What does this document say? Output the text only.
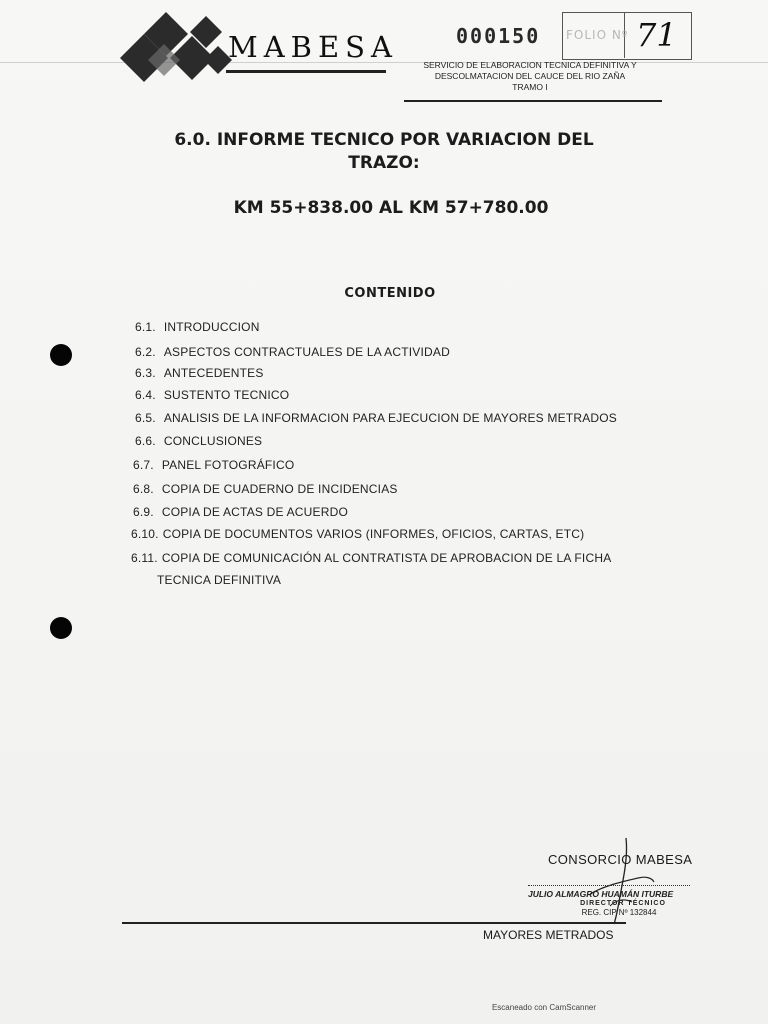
MABESA	000150 FOLIO Nº 71
SERVICIO DE ELABORACION TECNICA DEFINITIVA Y
DESCOLMATACION DEL CAUCE DEL RIO ZAÑA
TRAMO I
6.0. INFORME TECNICO POR VARIACION DEL
TRAZO:
KM 55+838.00 AL KM 57+780.00
CONTENIDO
6.1. INTRODUCCION
6.2. ASPECTOS CONTRACTUALES DE LA ACTIVIDAD
6.3. ANTECEDENTES
6.4. SUSTENTO TECNICO
6.5. ANALISIS DE LA INFORMACION PARA EJECUCION DE MAYORES METRADOS
6.6. CONCLUSIONES
6.7. PANEL FOTOGRÁFICO
6.8. COPIA DE CUADERNO DE INCIDENCIAS
6.9. COPIA DE ACTAS DE ACUERDO
6.10. COPIA DE DOCUMENTOS VARIOS (INFORMES, OFICIOS, CARTAS, ETC)
6.11. COPIA DE COMUNICACIÓN AL CONTRATISTA DE APROBACION DE LA FICHA
TECNICA DEFINITIVA
CONSORCIO MABESA
JULIO ALMAGRO HUAMÁN ITURBE
DIRECTOR TÉCNICO
REG. CIP Nº 132844
MAYORES METRADOS
Escaneado con CamScanner
